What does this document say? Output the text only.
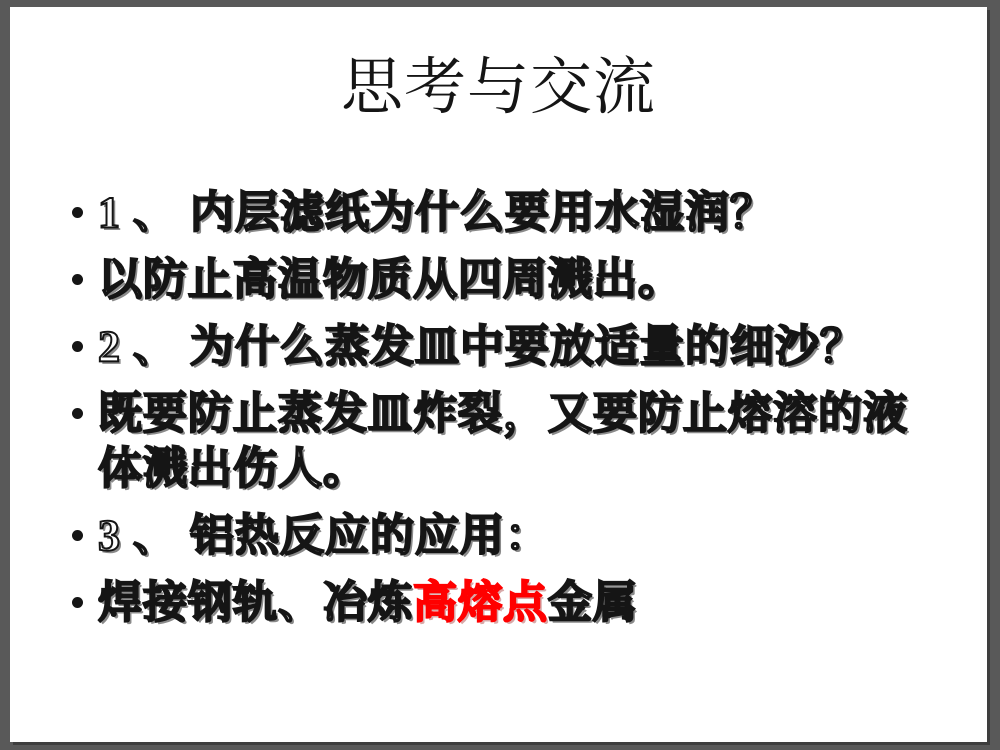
思考与交流
1 、 内层滤纸为什么要用水湿润？
以防止高温物质从四周溅出。
2 、 为什么蒸发皿中要放适量的细沙？
既要防止蒸发皿炸裂，又要防止熔溶的液体溅出伤人。
3 、 铝热反应的应用：
焊接钢轨、冶炼高熔点金属
